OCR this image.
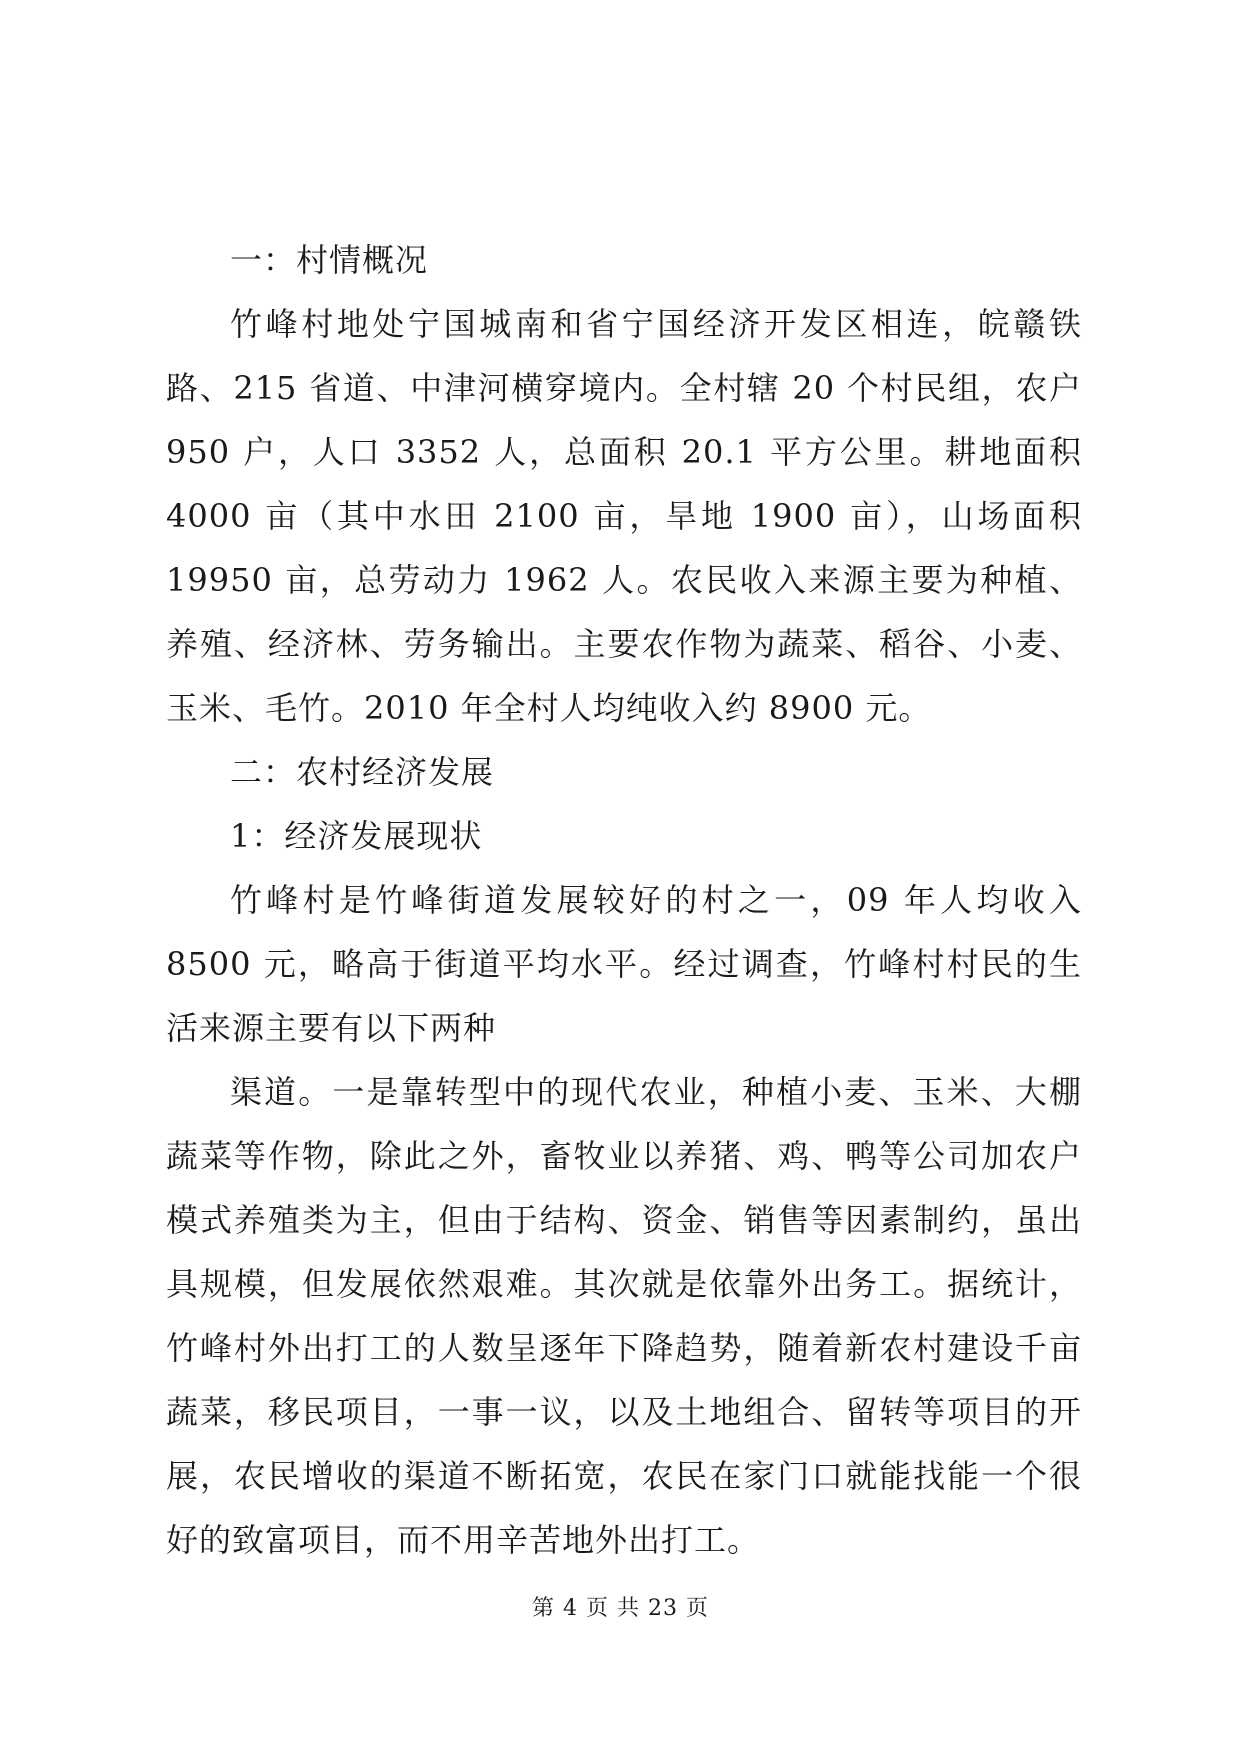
一：村情概况

竹峰村地处宁国城南和省宁国经济开发区相连，皖赣铁路、215 省道、中津河横穿境内。全村辖 20 个村民组，农户 950 户，人口 3352 人，总面积 20.1 平方公里。耕地面积 4000 亩（其中水田 2100 亩，旱地 1900 亩），山场面积 19950 亩，总劳动力 1962 人。农民收入来源主要为种植、养殖、经济林、劳务输出。主要农作物为蔬菜、稻谷、小麦、玉米、毛竹。2010 年全村人均纯收入约 8900 元。

二：农村经济发展

1：经济发展现状

竹峰村是竹峰街道发展较好的村之一，09 年人均收入 8500 元，略高于街道平均水平。经过调查，竹峰村村民的生活来源主要有以下两种

渠道。一是靠转型中的现代农业，种植小麦、玉米、大棚蔬菜等作物，除此之外，畜牧业以养猪、鸡、鸭等公司加农户模式养殖类为主，但由于结构、资金、销售等因素制约，虽出具规模，但发展依然艰难。其次就是依靠外出务工。据统计，竹峰村外出打工的人数呈逐年下降趋势，随着新农村建设千亩蔬菜，移民项目，一事一议，以及土地组合、留转等项目的开展，农民增收的渠道不断拓宽，农民在家门口就能找能一个很好的致富项目，而不用辛苦地外出打工。

第 4 页 共 23 页
